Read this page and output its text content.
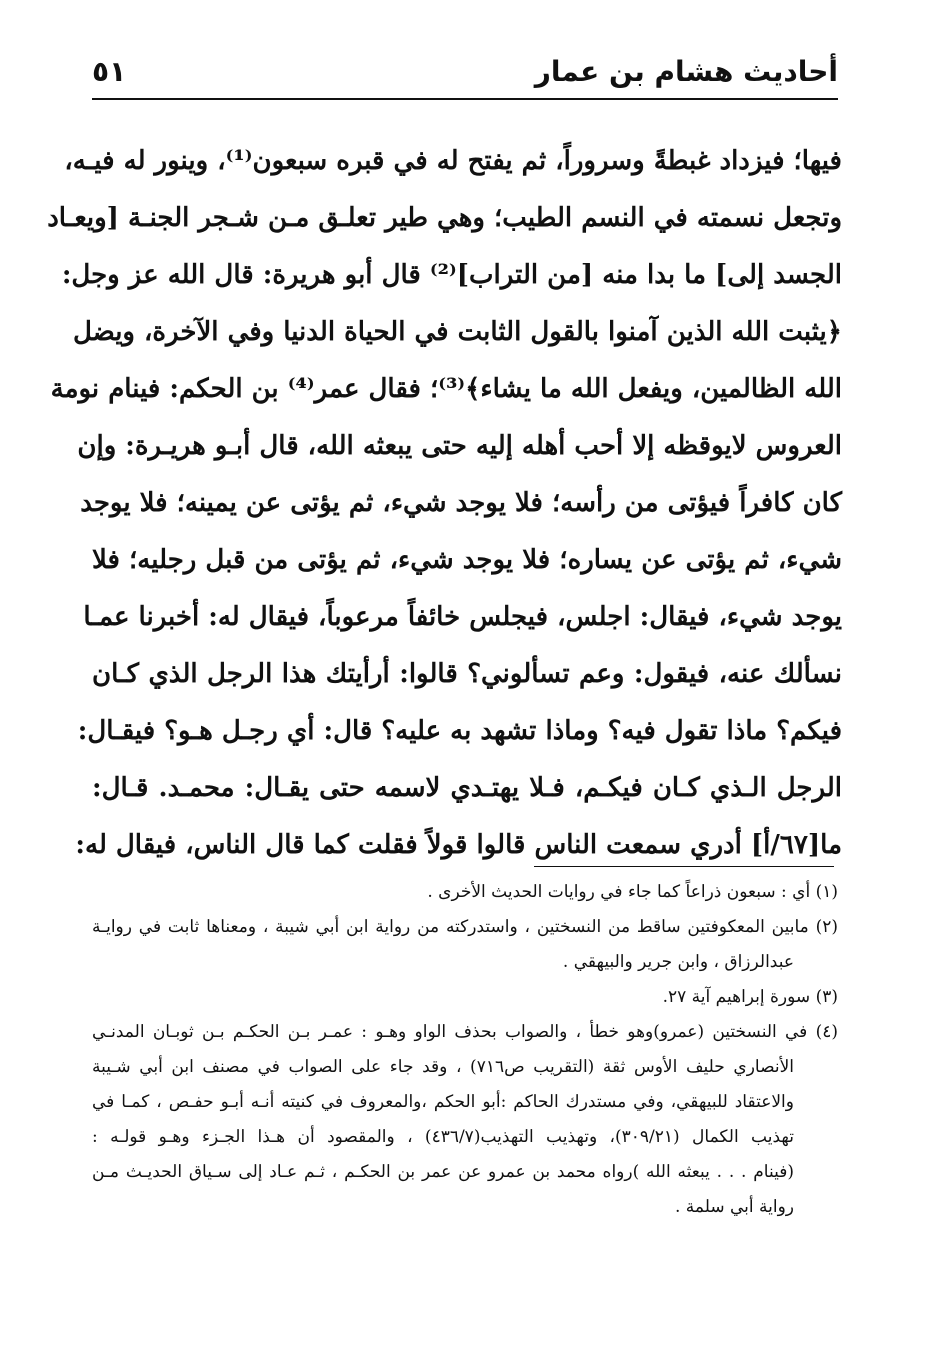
أحاديث هشام بن عمار
٥١
فيها؛ فيزداد غبطةً وسروراً، ثم يفتح له في قبره سبعون⁽¹⁾، وينور له فيـه،
وتجعل نسمته في النسم الطيب؛ وهي طير تعلـق مـن شـجر الجنـة [ويعـاد
الجسد إلى] ما بدا منه [من التراب]⁽²⁾ قال أبو هريرة: قال الله عز وجل:
﴿يثبت الله الذين آمنوا بالقول الثابت في الحياة الدنيا وفي الآخرة، ويضل
الله الظالمين، ويفعل الله ما يشاء﴾⁽³⁾؛ فقال عمر⁽⁴⁾ بن الحكم: فينام نومة
العروس لايوقظه إلا أحب أهله إليه حتى يبعثه الله، قال أبـو هريـرة: وإن
كان كافراً فيؤتى من رأسه؛ فلا يوجد شيء، ثم يؤتى عن يمينه؛ فلا يوجد
شيء، ثم يؤتى عن يساره؛ فلا يوجد شيء، ثم يؤتى من قبل رجليه؛ فلا
يوجد شيء، فيقال: اجلس، فيجلس خائفاً مرعوباً، فيقال له: أخبرنا عمـا
نسألك عنه، فيقول: وعم تسألوني؟ قالوا: أرأيتك هذا الرجل الذي كـان
فيكم؟ ماذا تقول فيه؟ وماذا تشهد به عليه؟ قال: أي رجـل هـو؟ فيقـال:
الرجل الـذي كـان فيكـم، فـلا يهتـدي لاسمه حتى يقـال: محمـد. قـال:
ما[٦٧/أ] أدري سمعت الناس قالوا قولاً فقلت كما قال الناس، فيقال له:
(١) أي : سبعون ذراعاً كما جاء في روايات الحديث الأخرى .
(٢) مابين المعكوفتين ساقط من النسختين ، واستدركته من رواية ابن أبي شيبة ، ومعناها ثابت في روايـة
عبدالرزاق ، وابن جرير والبيهقي .
(٣) سورة إبراهيم آية ٢٧.
(٤) في النسختين (عمرو)وهو خطأ ، والصواب بحذف الواو وهـو : عمـر بـن الحكـم بـن ثوبـان المدنـي
الأنصاري حليف الأوس ثقة (التقريب ص٧١٦) ، وقد جاء على الصواب في مصنف ابن أبي شـيبة
والاعتقاد للبيهقي، وفي مستدرك الحاكم :أبو الحكم ،والمعروف في كنيته أنـه أبـو حفـص ، كمـا في
تهذيب الكمال (٣٠٩/٢١)، وتهذيب التهذيب(٤٣٦/٧) ، والمقصود أن هـذا الجـزء وهـو قولـه :
(فينام . . . يبعثه الله )رواه محمد بن عمرو عن عمر بن الحكـم ، ثـم عـاد إلى سـياق الحديـث مـن
رواية أبي سلمة .
